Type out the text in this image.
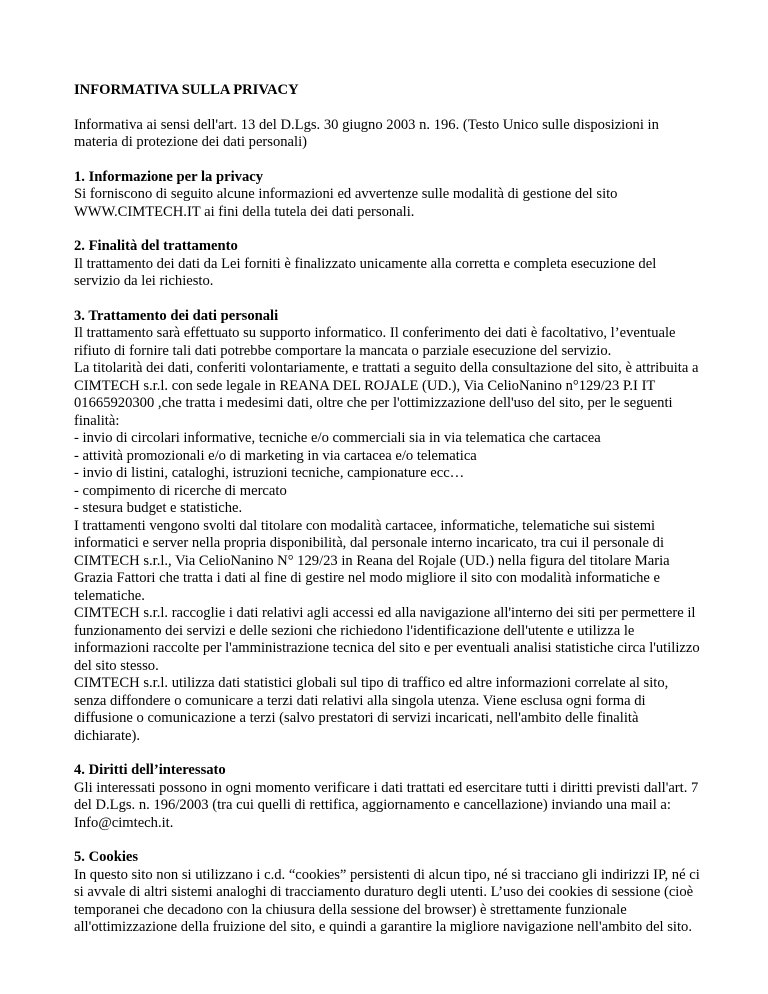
INFORMATIVA SULLA PRIVACY

Informativa ai sensi dell'art. 13 del D.Lgs. 30 giugno 2003 n. 196. (Testo Unico sulle disposizioni in materia di protezione dei dati personali)

1. Informazione per la privacy

Si forniscono di seguito alcune informazioni ed avvertenze sulle modalità di gestione del sito WWW.CIMTECH.IT ai fini della tutela dei dati personali.

2. Finalità del trattamento

Il trattamento dei dati da Lei forniti è finalizzato unicamente alla corretta e completa esecuzione del servizio da lei richiesto.

3. Trattamento dei dati personali

Il trattamento sarà effettuato su supporto informatico. Il conferimento dei dati è facoltativo, l’eventuale rifiuto di fornire tali dati potrebbe comportare la mancata o parziale esecuzione del servizio.

La titolarità dei dati, conferiti volontariamente, e trattati a seguito della consultazione del sito, è attribuita a CIMTECH s.r.l. con sede legale in REANA DEL ROJALE (UD.), Via CelioNanino n°129/23 P.I IT 01665920300 ,che tratta i medesimi dati, oltre che per l'ottimizzazione dell'uso del sito, per le seguenti finalità:

- invio di circolari informative, tecniche e/o commerciali sia in via telematica che cartacea

- attività promozionali e/o di marketing in via cartacea e/o telematica

- invio di listini, cataloghi, istruzioni tecniche, campionature ecc…

- compimento di ricerche di mercato

- stesura budget e statistiche.

I trattamenti vengono svolti dal titolare con modalità cartacee, informatiche, telematiche sui sistemi informatici e server nella propria disponibilità, dal personale interno incaricato, tra cui il personale di CIMTECH s.r.l., Via CelioNanino N° 129/23 in Reana del Rojale (UD.) nella figura del titolare Maria Grazia Fattori che tratta i dati al fine di gestire nel modo migliore il sito con modalità informatiche e telematiche.

CIMTECH s.r.l. raccoglie i dati relativi agli accessi ed alla navigazione all'interno dei siti per permettere il funzionamento dei servizi e delle sezioni che richiedono l'identificazione dell'utente e utilizza le informazioni raccolte per l'amministrazione tecnica del sito e per eventuali analisi statistiche circa l'utilizzo del sito stesso.

CIMTECH s.r.l. utilizza dati statistici globali sul tipo di traffico ed altre informazioni correlate al sito, senza diffondere o comunicare a terzi dati relativi alla singola utenza. Viene esclusa ogni forma di diffusione o comunicazione a terzi (salvo prestatori di servizi incaricati, nell'ambito delle finalità dichiarate).

4. Diritti dell’interessato

Gli interessati possono in ogni momento verificare i dati trattati ed esercitare tutti i diritti previsti dall'art. 7 del D.Lgs. n. 196/2003 (tra cui quelli di rettifica, aggiornamento e cancellazione) inviando una mail a: Info@cimtech.it.

5. Cookies

In questo sito non si utilizzano i c.d. “cookies” persistenti di alcun tipo, né si tracciano gli indirizzi IP, né ci si avvale di altri sistemi analoghi di tracciamento duraturo degli utenti. L’uso dei cookies di sessione (cioè temporanei che decadono con la chiusura della sessione del browser) è strettamente funzionale all'ottimizzazione della fruizione del sito, e quindi a garantire la migliore navigazione nell'ambito del sito.
